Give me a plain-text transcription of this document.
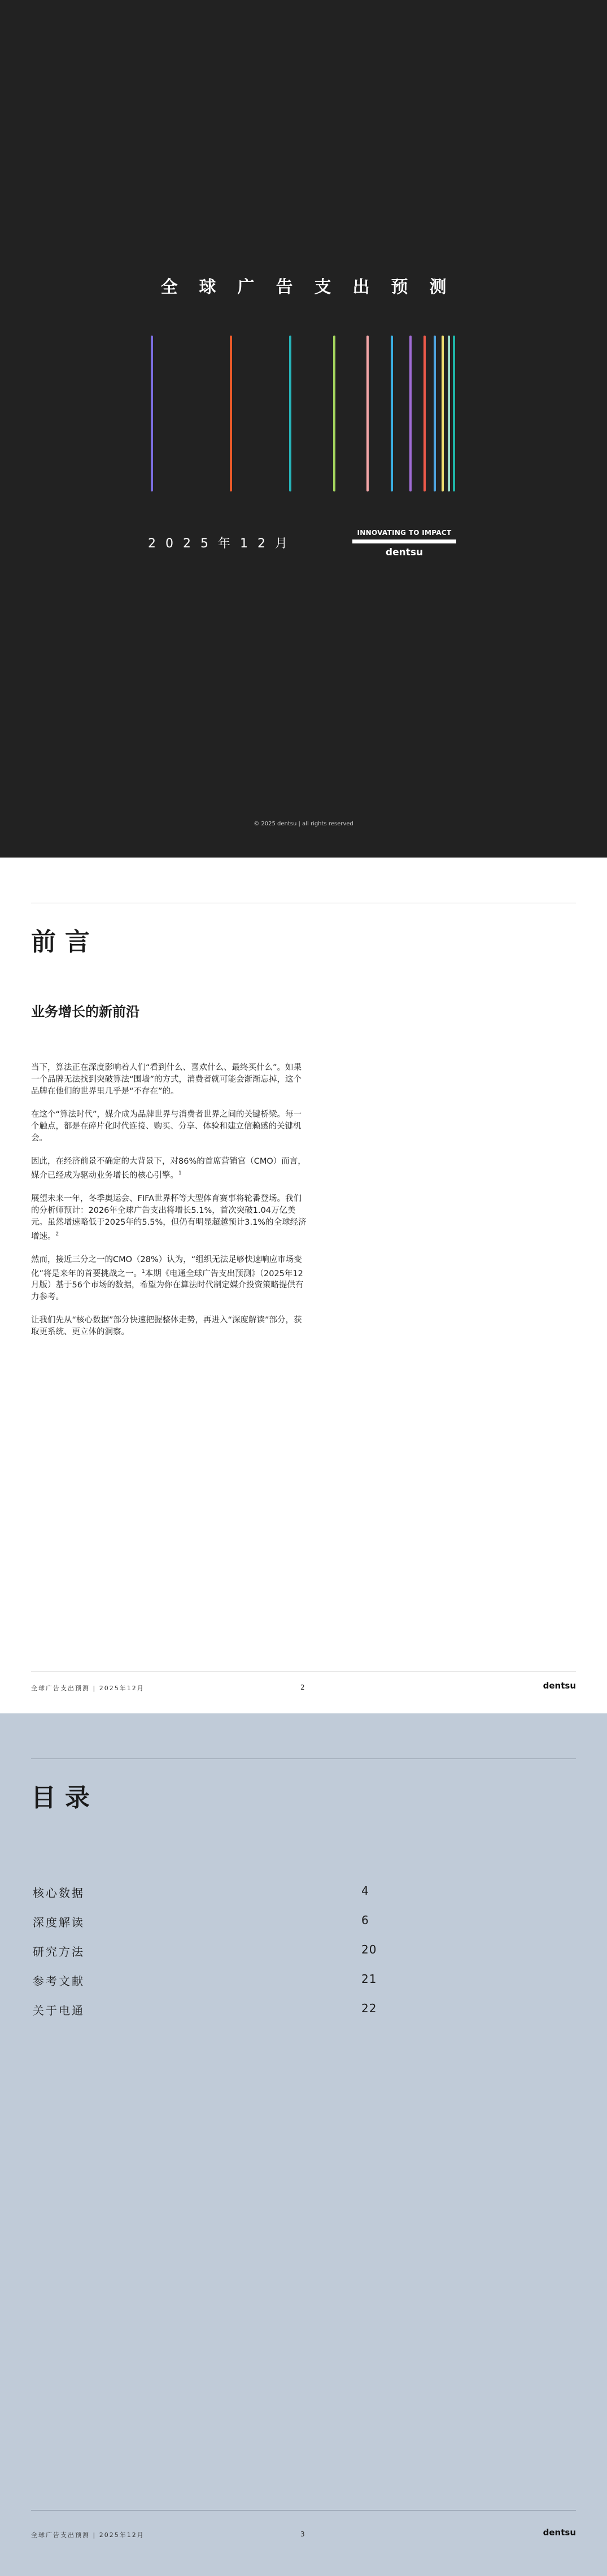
全球广告支出预测
2025年12月
INNOVATING TO IMPACT
dentsu
© 2025 dentsu | all rights reserved
前言
业务增长的新前沿

当下，算法正在深度影响着人们“看到什么、喜欢什么、最终买什么”。如果一个品牌无法找到突破算法“围墙”的方式，消费者就可能会渐渐忘掉，这个品牌在他们的世界里几乎是“不存在”的。

在这个“算法时代”，媒介成为品牌世界与消费者世界之间的关键桥梁。每一个触点，都是在碎片化时代连接、购买、分享、体验和建立信赖感的关键机会。

因此，在经济前景不确定的大背景下，对86%的首席营销官（CMO）而言，媒介已经成为驱动业务增长的核心引擎。$^1$

展望未来一年，冬季奥运会、FIFA世界杯等大型体育赛事将轮番登场。我们的分析师预计：2026年全球广告支出将增长5.1%，首次突破1.04万亿美元。虽然增速略低于2025年的5.5%，但仍有明显超越预计3.1%的全球经济增速。$^2$

然而，接近三分之一的CMO（28%）认为，“组织无法足够快速响应市场变化”将是来年的首要挑战之一。$^1$本期《电通全球广告支出预测》（2025年12月版）基于56个市场的数据，希望为你在算法时代制定媒介投资策略提供有力参考。

让我们先从“核心数据”部分快速把握整体走势，再进入“深度解读”部分，获取更系统、更立体的洞察。

全球广告支出预测 | 2025年12月	2	dentsu
目录
核心数据	4
深度解读	6
研究方法	20
参考文献	21
关于电通	22
全球广告支出预测 | 2025年12月	3	dentsu
